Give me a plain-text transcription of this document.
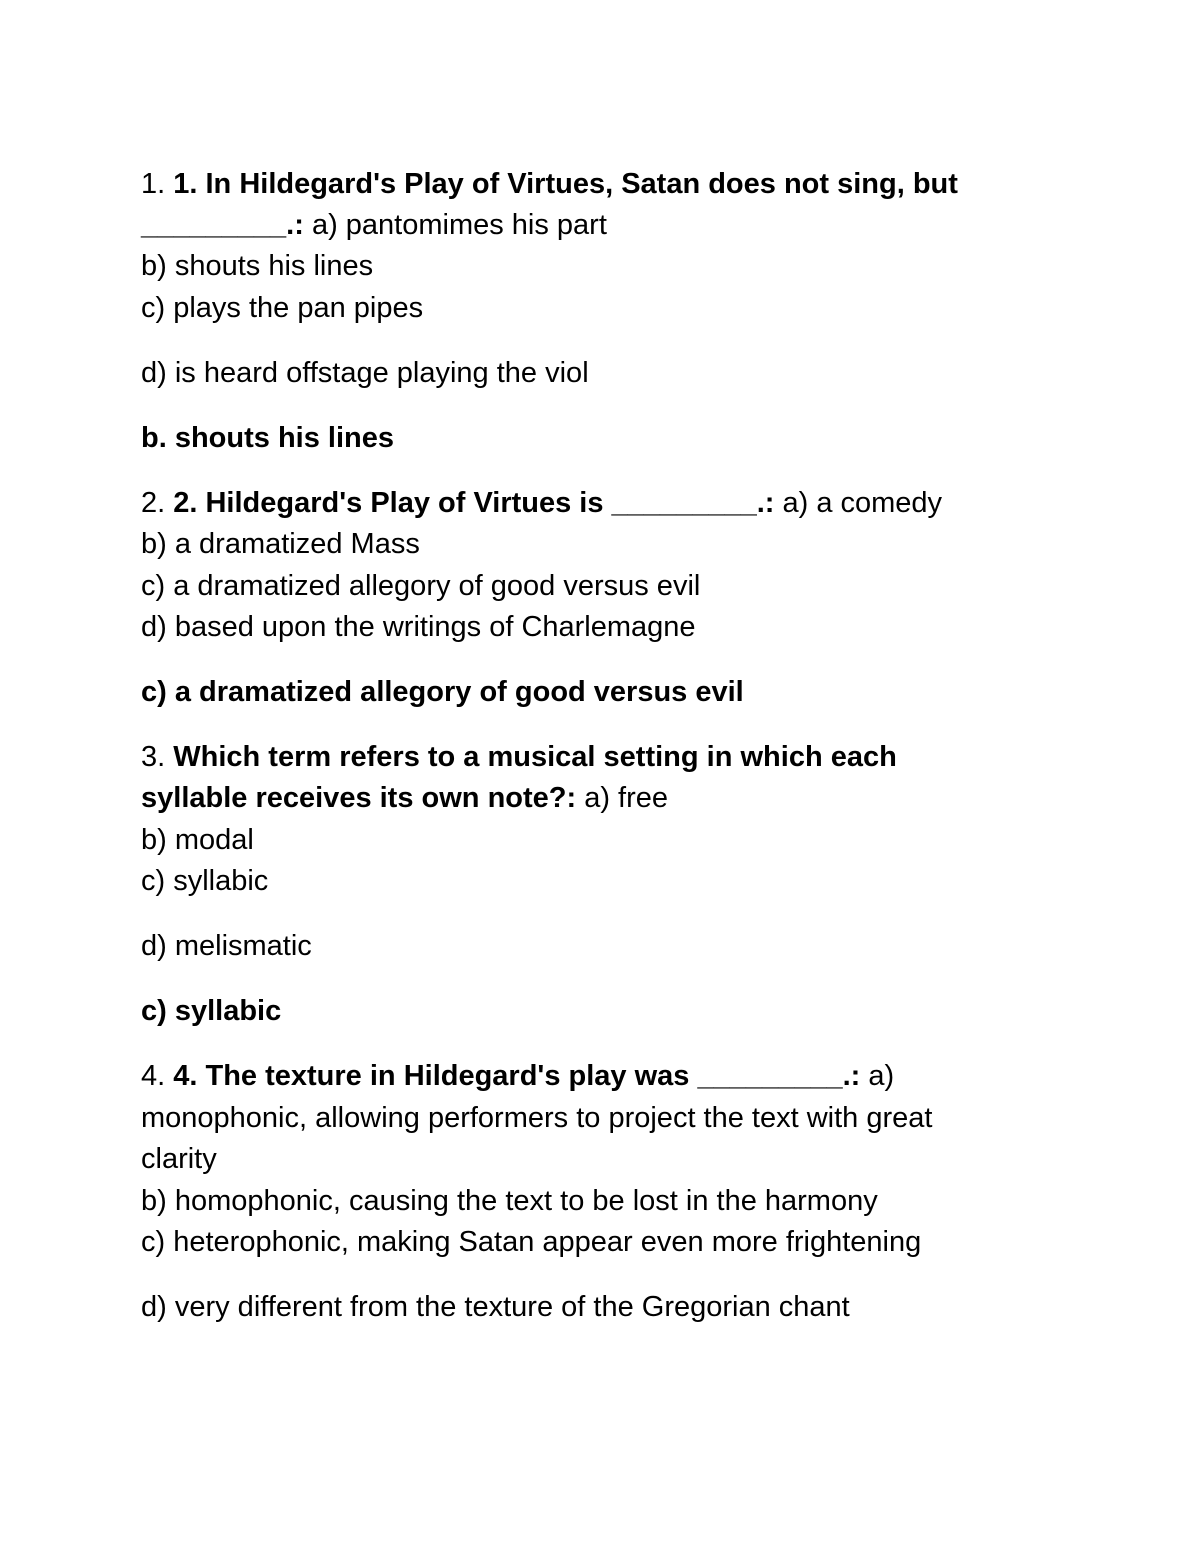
1. 1. In Hildegard's Play of Virtues, Satan does not sing, but
_________.: a) pantomimes his part
b) shouts his lines
c) plays the pan pipes
d) is heard offstage playing the viol
b. shouts his lines
2. 2. Hildegard's Play of Virtues is _________.: a) a comedy
b) a dramatized Mass
c) a dramatized allegory of good versus evil
d) based upon the writings of Charlemagne
c) a dramatized allegory of good versus evil
3. Which term refers to a musical setting in which each
syllable receives its own note?: a) free
b) modal
c) syllabic
d) melismatic
c) syllabic
4. 4. The texture in Hildegard's play was _________.: a)
monophonic, allowing performers to project the text with great
clarity
b) homophonic, causing the text to be lost in the harmony
c) heterophonic, making Satan appear even more frightening
d) very different from the texture of the Gregorian chant
